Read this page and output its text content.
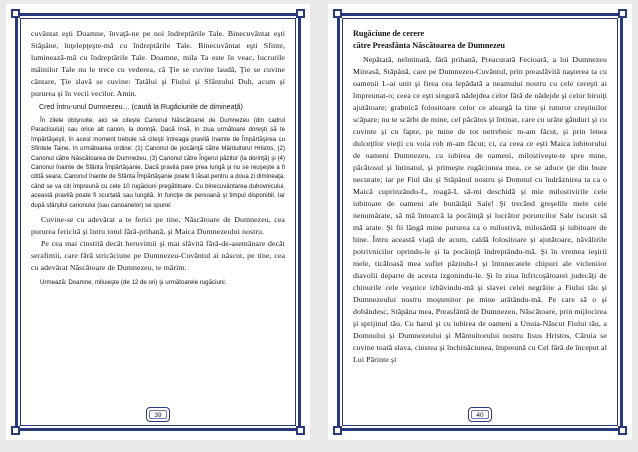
cuvântat eşti Doamne, învaţă-ne pe noi îndreptările Tale. Binecuvântat eşti Stăpâne, înţelepţeşte-mă cu îndreptările Tale. Binecuvântat eşti Sfinte, luminează-mă cu îndreptările Tale. Doamne, mila Ta este în veac, lucrurile mâinilor Tale nu le trece cu vederea, că Ţie se cuvine laudă, Ţie se cuvine cântare, Ţie slavă se cuvine: Tatălui şi Fiului şi Sfântului Duh, acum şi pururea şi în vecii vecilor. Amin.

Cred întru-unul Dumnezeu… (caută la Rugăciunile de dimineaţă)

În zilele obişnuite, aici se citeşte Canonul Născătoarei de Dumnezeu (din cadrul Paraclisului) sau orice alt canon, la dorinţă. Dacă însă, în ziua următoare doreşti să te împărtăşeşti, în acest moment trebuie să citeşti întreaga pravilă înainte de Împărtăşirea cu Sfintele Taine, în următoarea ordine: (1) Canonul de pocăinţă către Mântuitorul Hristos, (2) Canonul către Născătoarea de Dumnezeu, (3) Canonul către Îngerul păzitor (la dorinţă) şi (4) Canonul înainte de Sfânta Împărtăşanie. Dacă pravila pare prea lungă şi nu se reuşeşte a fi citită seara, Canonul înainte de Sfânta Împărtăşanie poate fi lăsat pentru a doua zi dimineaţa, când se va citi împreună cu cele 10 rugăciuni pregătitoare. Cu binecuvântarea duhovnicului, această pravilă poate fi scurtată sau lungită, în funcţie de persoană şi timpul disponibil. Iar după sfârşitul canonului (sau canoanelor) se spune:

Cuvine-se cu adevărat a te ferici pe tine, Născătoare de Dumnezeu, cea pururea fericită şi întru totul fără-prihană, şi Maica Dumnezeului nostru.

Pe cea mai cinstită decât heruvimii şi mai slăvită fără-de-asemănare decât serafimii, care fără stricăciune pe Dumnezeu-Cuvântul ai născut, pe tine, cea cu adevărat Născătoare de Dumnezeu, te mărim.

Urmează: Doamne, miluieşte (de 12 de ori) şi următoarele rugăciuni:

39

Rugăciune de cerere

către Preasfânta Născătoarea de Dumnezeu

Nepătată, neîntinată, fără prihană, Preacurată Fecioară, a lui Dumnezeu Mireasă, Stăpână, care pe Dumnezeu-Cuvântul, prin preaslăvită naşterea ta cu oamenii L-ai unit şi firea cea lepădată a neamului nostru cu cele cereşti ai împreunat-o; ceea ce eşti singură nădejdea celor fără de nădejde şi celor biruiţi ajutătoare; grabnică folositoare celor ce aleargă la tine şi tuturor creştinilor scăpare; nu te scârbi de mine, cel păcătos şi întinat, care cu urâte gânduri şi cu cuvinte şi cu fapte, pe mine de tot netrebnic m-am făcut, şi prin lenea dulceţilor vieţii cu voia rob m-am făcut; ci, ca ceea ce eşti Maica iubitorului de oameni Dumnezeu, cu iubirea de oameni, milostiveşte-te spre mine, păcătosul şi întinatul, şi primeşte rugăciunea mea, ce se aduce ţie din buze necurate; iar pe Fiul tău şi Stăpânul nostru şi Domnul cu îndrăznirea ta ca o Maică cuprinzându-L, roagă-L să-mi deschidă şi mie milostivirile cele iubitoare de oameni ale bunătăţii Sale! Şi trecând greşelile mele cele nenumărate, să mă întoarcă la pocăinţă şi lucrător poruncilor Sale iscusit să mă arate. Şi fii lângă mine pururea ca o milostivă, milosârdă şi iubitoare de bine. Întru această viaţă de acum, caldă folositoare şi ajutătoare, năvălirile potrivnicilor oprindu-le şi la pocăinţă îndreptându-mă. Şi în vremea ieşirii mele, ticăloasă mea suflet păzindu-l şi întunecatele chipuri ale vicleniior diavolii departe de acesta izgonindu-le. Şi în ziua înfricoşătoarei judecăţi de chinurile cele veşnice izbăvindu-mă şi slavei celei negrăite a Fiului tău şi Dumnezeului nostru moştenitor pe mine arătându-mă. Pe care să o şi dobândesc, Stăpâna mea, Preasfântă de Dumnezeu, Născătoare, prin mijlocirea şi sprijinul tău. Cu harul şi cu iubirea de oameni a Unuia-Născut Fiului tău, a Domnului şi Dumnezeului şi Mântuitorului nostru Iisus Hristos, Căruia se cuvine toată slava, cinstea şi închinăciunea, împreună cu Cel fără de început al Lui Părinte şi

40
